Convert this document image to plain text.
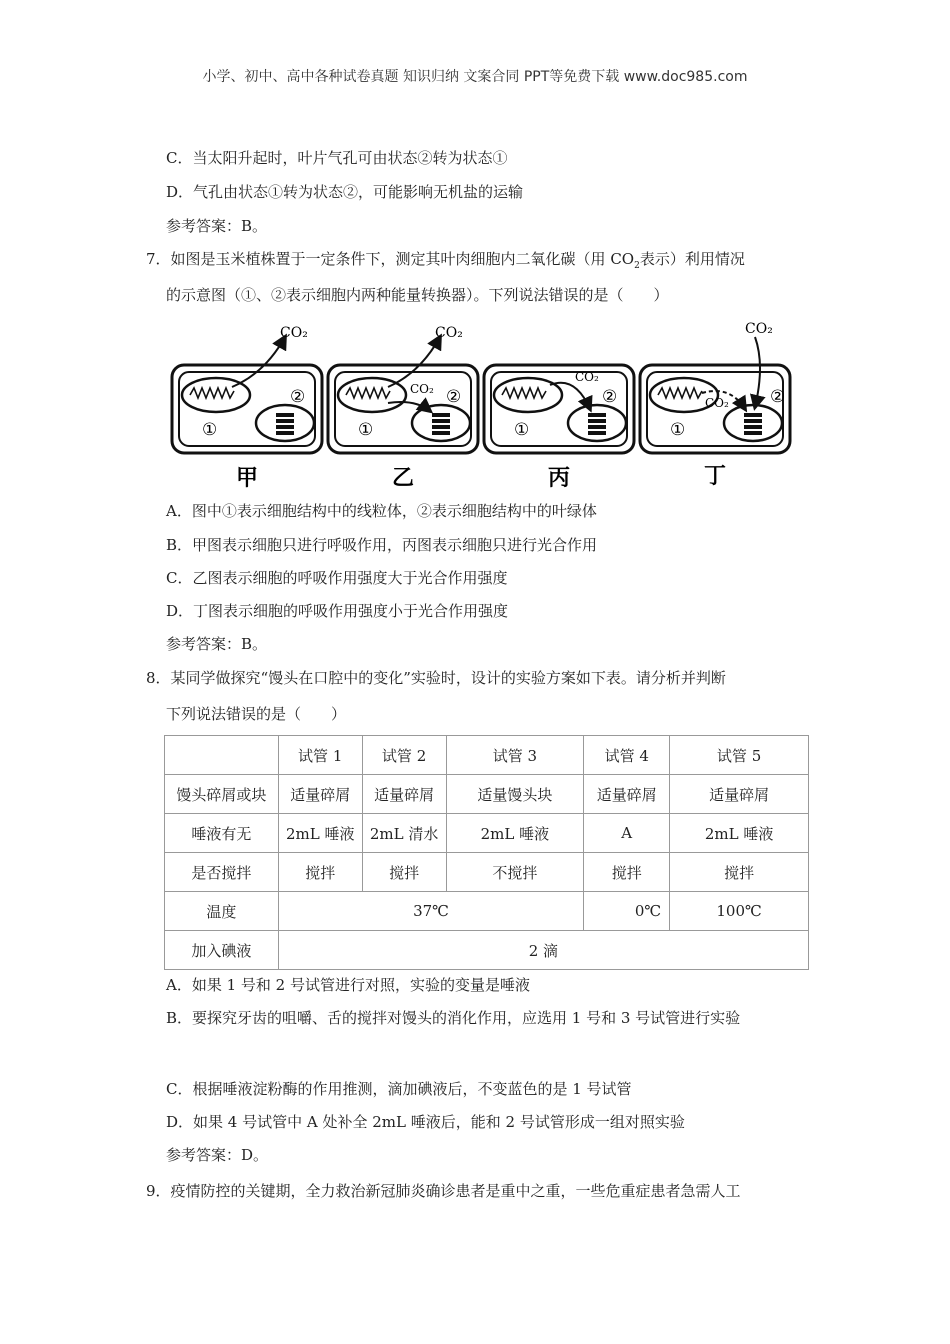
小学、初中、高中各种试卷真题 知识归纳 文案合同 PPT等免费下载 www.doc985.com
C．当太阳升起时，叶片气孔可由状态②转为状态①
D．气孔由状态①转为状态②，可能影响无机盐的运输
参考答案：B。
7．如图是玉米植株置于一定条件下，测定其叶肉细胞内二氧化碳（用 $CO_2$表示）利用情况
的示意图（①、②表示细胞内两种能量转换器）。下列说法错误的是（　　）
CO₂
②
①
CO₂
CO₂ ②
①
CO₂
②
①
CO₂
CO₂ ②
①
甲	乙	丙	丁
A．图中①表示细胞结构中的线粒体，②表示细胞结构中的叶绿体
B．甲图表示细胞只进行呼吸作用，丙图表示细胞只进行光合作用
C．乙图表示细胞的呼吸作用强度大于光合作用强度
D．丁图表示细胞的呼吸作用强度小于光合作用强度
参考答案：B。
8．某同学做探究“馒头在口腔中的变化”实验时，设计的实验方案如下表。请分析并判断
下列说法错误的是（　　）
	试管 1	试管 2	试管 3	试管 4	试管 5
馒头碎屑或块	适量碎屑	适量碎屑	适量馒头块	适量碎屑	适量碎屑
唾液有无	2mL 唾液	2mL 清水	2mL 唾液	A	2mL 唾液
是否搅拌	搅拌	搅拌	不搅拌	搅拌	搅拌
温度	37℃			0℃	100℃
加入碘液	2 滴				
A．如果 1 号和 2 号试管进行对照，实验的变量是唾液
B．要探究牙齿的咀嚼、舌的搅拌对馒头的消化作用，应选用 1 号和 3 号试管进行实验
C．根据唾液淀粉酶的作用推测，滴加碘液后，不变蓝色的是 1 号试管
D．如果 4 号试管中 A 处补全 2mL 唾液后，能和 2 号试管形成一组对照实验
参考答案：D。
9．疫情防控的关键期，全力救治新冠肺炎确诊患者是重中之重，一些危重症患者急需人工
